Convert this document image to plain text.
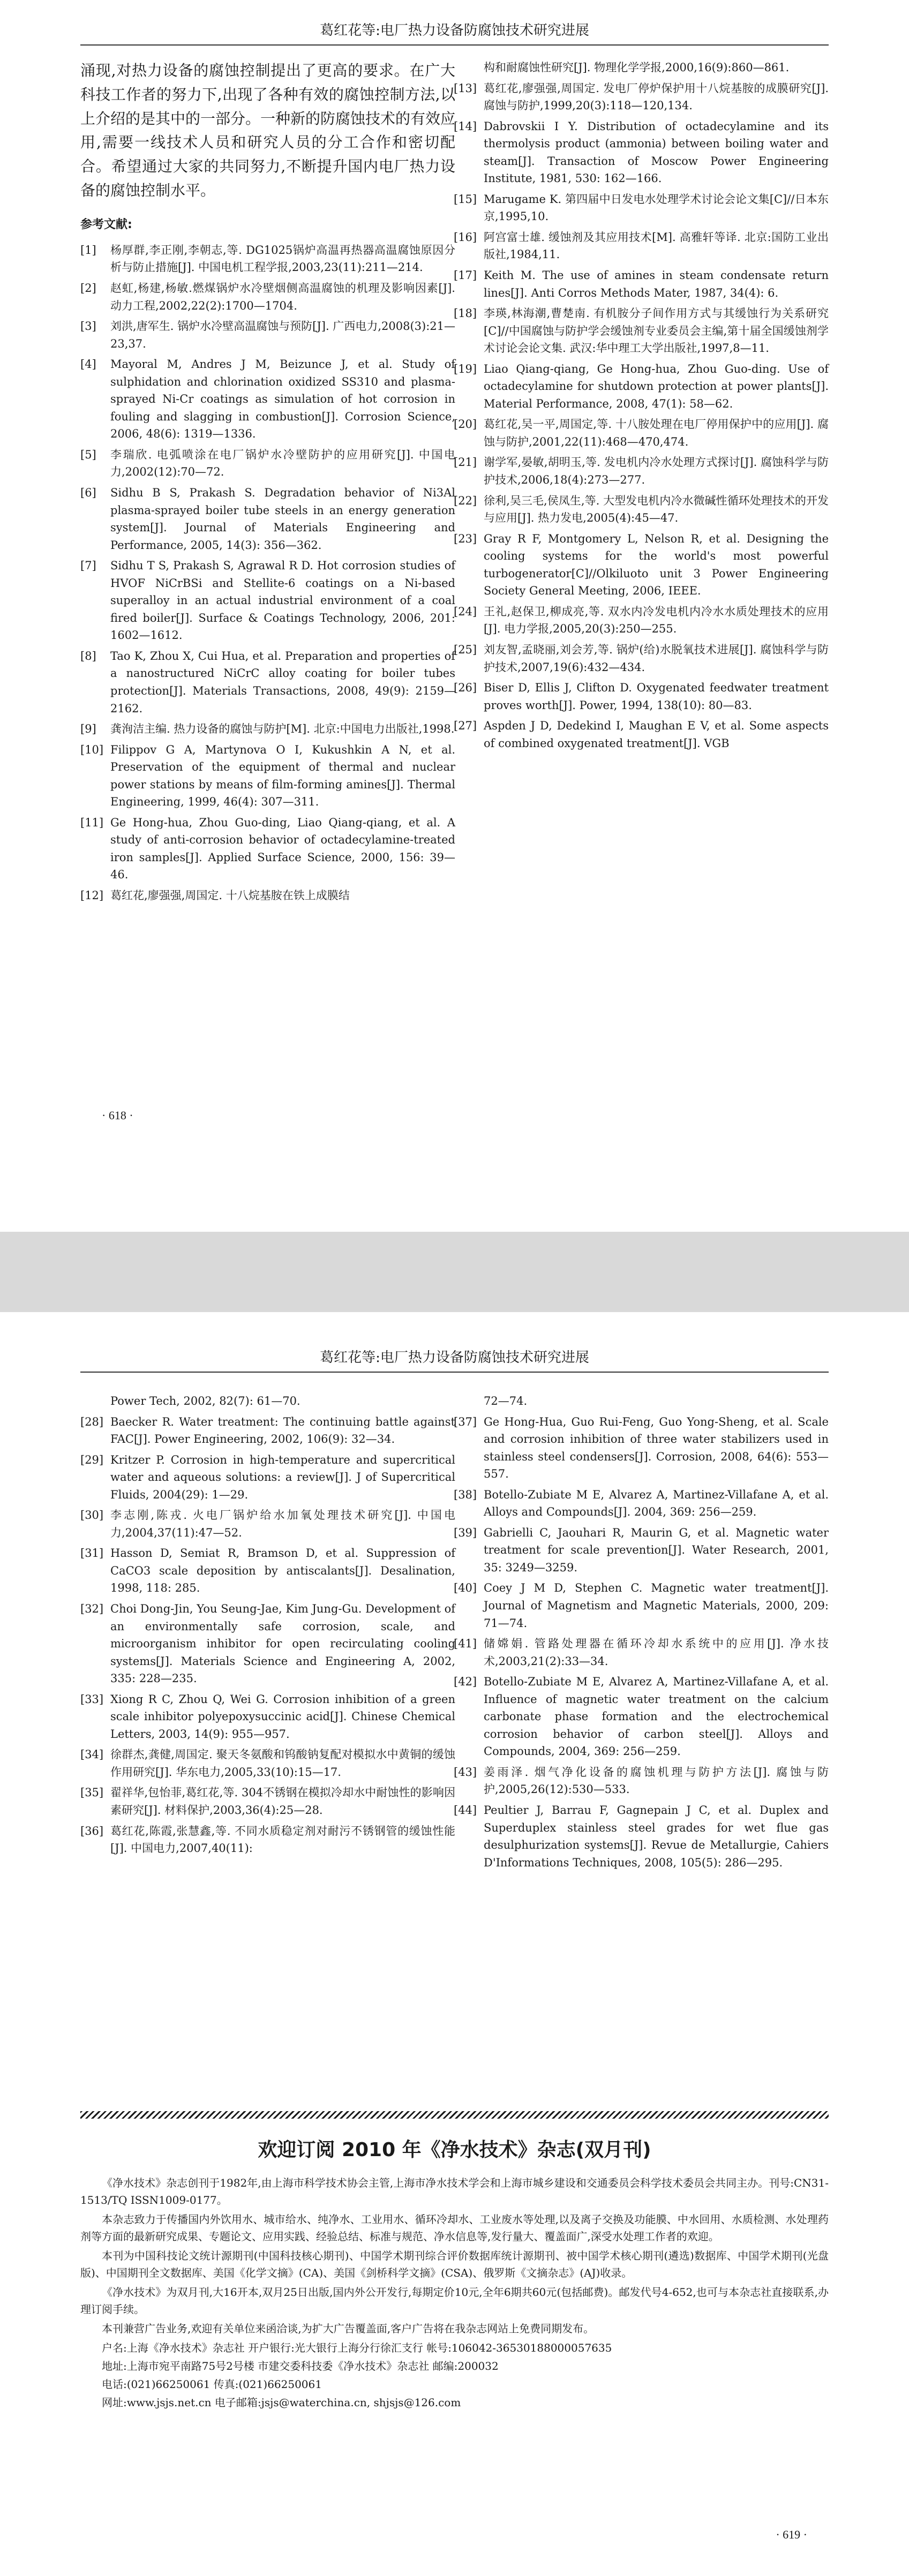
葛红花等:电厂热力设备防腐蚀技术研究进展

涌现,对热力设备的腐蚀控制提出了更高的要求。在广大科技工作者的努力下,出现了各种有效的腐蚀控制方法,以上介绍的是其中的一部分。一种新的防腐蚀技术的有效应用,需要一线技术人员和研究人员的分工合作和密切配合。希望通过大家的共同努力,不断提升国内电厂热力设备的腐蚀控制水平。

参考文献:
[1]	杨厚群,李正刚,李朝志,等. DG1025锅炉高温再热器高温腐蚀原因分析与防止措施[J]. 中国电机工程学报,2003,23(11):211—214.
[2]	赵虹,杨建,杨敏.燃煤锅炉水冷壁烟侧高温腐蚀的机理及影响因素[J]. 动力工程,2002,22(2):1700—1704.
[3]	刘洪,唐军生. 锅炉水冷壁高温腐蚀与预防[J]. 广西电力,2008(3):21—23,37.
[4]	Mayoral M, Andres J M, Beizunce J, et al. Study of sulphidation and chlorination oxidized SS310 and plasma-sprayed Ni-Cr coatings as simulation of hot corrosion in fouling and slagging in combustion[J]. Corrosion Science, 2006, 48(6): 1319—1336.
[5]	李瑞欣. 电弧喷涂在电厂锅炉水冷壁防护的应用研究[J]. 中国电力,2002(12):70—72.
[6]	Sidhu B S, Prakash S. Degradation behavior of Ni3Al plasma-sprayed boiler tube steels in an energy generation system[J]. Journal of Materials Engineering and Performance, 2005, 14(3): 356—362.
[7]	Sidhu T S, Prakash S, Agrawal R D. Hot corrosion studies of HVOF NiCrBSi and Stellite-6 coatings on a Ni-based superalloy in an actual industrial environment of a coal fired boiler[J]. Surface & Coatings Technology, 2006, 201: 1602—1612.
[8]	Tao K, Zhou X, Cui Hua, et al. Preparation and properties of a nanostructured NiCrC alloy coating for boiler tubes protection[J]. Materials Transactions, 2008, 49(9): 2159—2162.
[9]	龚洵洁主编. 热力设备的腐蚀与防护[M]. 北京:中国电力出版社,1998.
[10] Filippov G A, Martynova O I, Kukushkin A N, et al. Preservation of the equipment of thermal and nuclear power stations by means of film-forming amines[J]. Thermal Engineering, 1999, 46(4): 307—311.
[11] Ge Hong-hua, Zhou Guo-ding, Liao Qiang-qiang, et al. A study of anti-corrosion behavior of octadecylamine-treated iron samples[J]. Applied Surface Science, 2000, 156: 39—46.
[12] 葛红花,廖强强,周国定. 十八烷基胺在铁上成膜结
构和耐腐蚀性研究[J]. 物理化学学报,2000,16(9):860—861.
[13] 葛红花,廖强强,周国定. 发电厂停炉保护用十八烷基胺的成膜研究[J]. 腐蚀与防护,1999,20(3):118—120,134.
[14] Dabrovskii I Y. Distribution of octadecylamine and its thermolysis product (ammonia) between boiling water and steam[J]. Transaction of Moscow Power Engineering Institute, 1981, 530: 162—166.
[15] Marugame K. 第四届中日发电水处理学术讨论会论文集[C]//日本东京,1995,10.
[16] 阿宫富士雄. 缓蚀剂及其应用技术[M]. 高雅轩等译. 北京:国防工业出版社,1984,11.
[17] Keith M. The use of amines in steam condensate return lines[J]. Anti Corros Methods Mater, 1987, 34(4): 6.
[18] 李瑛,林海潮,曹楚南. 有机胺分子间作用方式与其缓蚀行为关系研究[C]//中国腐蚀与防护学会缓蚀剂专业委员会主编,第十届全国缓蚀剂学术讨论会论文集. 武汉:华中理工大学出版社,1997,8—11.
[19] Liao Qiang-qiang, Ge Hong-hua, Zhou Guo-ding. Use of octadecylamine for shutdown protection at power plants[J]. Material Performance, 2008, 47(1): 58—62.
[20] 葛红花,吴一平,周国定,等. 十八胺处理在电厂停用保护中的应用[J]. 腐蚀与防护,2001,22(11):468—470,474.
[21] 谢学军,晏敏,胡明玉,等. 发电机内冷水处理方式探讨[J]. 腐蚀科学与防护技术,2006,18(4):273—277.
[22] 徐利,吴三毛,侯凤生,等. 大型发电机内冷水微碱性循环处理技术的开发与应用[J]. 热力发电,2005(4):45—47.
[23] Gray R F, Montgomery L, Nelson R, et al. Designing the cooling systems for the world's most powerful turbogenerator[C]//Olkiluoto unit 3 Power Engineering Society General Meeting, 2006, IEEE.
[24] 王礼,赵保卫,柳成亮,等. 双水内冷发电机内冷水水质处理技术的应用[J]. 电力学报,2005,20(3):250—255.
[25] 刘友智,孟晓丽,刘会芳,等. 锅炉(给)水脱氧技术进展[J]. 腐蚀科学与防护技术,2007,19(6):432—434.
[26] Biser D, Ellis J, Clifton D. Oxygenated feedwater treatment proves worth[J]. Power, 1994, 138(10): 80—83.
[27] Aspden J D, Dedekind I, Maughan E V, et al. Some aspects of combined oxygenated treatment[J]. VGB
· 618 ·
葛红花等:电厂热力设备防腐蚀技术研究进展
Power Tech, 2002, 82(7): 61—70.
[28] Baecker R. Water treatment: The continuing battle against FAC[J]. Power Engineering, 2002, 106(9): 32—34.
[29] Kritzer P. Corrosion in high-temperature and supercritical water and aqueous solutions: a review[J]. J of Supercritical Fluids, 2004(29): 1—29.
[30] 李志刚,陈戎. 火电厂锅炉给水加氧处理技术研究[J]. 中国电力,2004,37(11):47—52.
[31] Hasson D, Semiat R, Bramson D, et al. Suppression of CaCO3 scale deposition by antiscalants[J]. Desalination, 1998, 118: 285.
[32] Choi Dong-Jin, You Seung-Jae, Kim Jung-Gu. Development of an environmentally safe corrosion, scale, and microorganism inhibitor for open recirculating cooling systems[J]. Materials Science and Engineering A, 2002, 335: 228—235.
[33] Xiong R C, Zhou Q, Wei G. Corrosion inhibition of a green scale inhibitor polyepoxysuccinic acid[J]. Chinese Chemical Letters, 2003, 14(9): 955—957.
[34] 徐群杰,龚健,周国定. 聚天冬氨酸和钨酸钠复配对模拟水中黄铜的缓蚀作用研究[J]. 华东电力,2005,33(10):15—17.
[35] 翟祥华,包怡菲,葛红花,等. 304不锈钢在模拟冷却水中耐蚀性的影响因素研究[J]. 材料保护,2003,36(4):25—28.
[36] 葛红花,陈霞,张慧鑫,等. 不同水质稳定剂对耐污不锈钢管的缓蚀性能[J]. 中国电力,2007,40(11):
72—74.
[37] Ge Hong-Hua, Guo Rui-Feng, Guo Yong-Sheng, et al. Scale and corrosion inhibition of three water stabilizers used in stainless steel condensers[J]. Corrosion, 2008, 64(6): 553—557.
[38] Botello-Zubiate M E, Alvarez A, Martinez-Villafane A, et al. Alloys and Compounds[J]. 2004, 369: 256—259.
[39] Gabrielli C, Jaouhari R, Maurin G, et al. Magnetic water treatment for scale prevention[J]. Water Research, 2001, 35: 3249—3259.
[40] Coey J M D, Stephen C. Magnetic water treatment[J]. Journal of Magnetism and Magnetic Materials, 2000, 209: 71—74.
[41] 储嫦娟. 管路处理器在循环冷却水系统中的应用[J]. 净水技术,2003,21(2):33—34.
[42] Botello-Zubiate M E, Alvarez A, Martinez-Villafane A, et al. Influence of magnetic water treatment on the calcium carbonate phase formation and the electrochemical corrosion behavior of carbon steel[J]. Alloys and Compounds, 2004, 369: 256—259.
[43] 姜雨泽. 烟气净化设备的腐蚀机理与防护方法[J]. 腐蚀与防护,2005,26(12):530—533.
[44] Peultier J, Barrau F, Gagnepain J C, et al. Duplex and Superduplex stainless steel grades for wet flue gas desulphurization systems[J]. Revue de Metallurgie, Cahiers D'Informations Techniques, 2008, 105(5): 286—295.
欢迎订阅 2010 年《净水技术》杂志(双月刊)

《净水技术》杂志创刊于1982年,由上海市科学技术协会主管,上海市净水技术学会和上海市城乡建设和交通委员会科学技术委员会共同主办。刊号:CN31-1513/TQ ISSN1009-0177。

本杂志致力于传播国内外饮用水、城市给水、纯净水、工业用水、循环冷却水、工业废水等处理,以及离子交换及功能膜、中水回用、水质检测、水处理药剂等方面的最新研究成果、专题论文、应用实践、经验总结、标准与规范、净水信息等,发行量大、覆盖面广,深受水处理工作者的欢迎。

本刊为中国科技论文统计源期刊(中国科技核心期刊)、中国学术期刊综合评价数据库统计源期刊、被中国学术核心期刊(遴选)数据库、中国学术期刊(光盘版)、中国期刊全文数据库、美国《化学文摘》(CA)、美国《剑桥科学文摘》(CSA)、俄罗斯《文摘杂志》(AJ)收录。

《净水技术》为双月刊,大16开本,双月25日出版,国内外公开发行,每期定价10元,全年6期共60元(包括邮费)。邮发代号4-652,也可与本杂志社直接联系,办理订阅手续。

本刊兼营广告业务,欢迎有关单位来函洽谈,为扩大广告覆盖面,客户广告将在我杂志网站上免费同期发布。

户名:上海《净水技术》杂志社 开户银行:光大银行上海分行徐汇支行 帐号:106042-36530188000057635

地址:上海市宛平南路75号2号楼 市建交委科技委《净水技术》杂志社 邮编:200032

电话:(021)66250061 传真:(021)66250061

网址:www.jsjs.net.cn 电子邮箱:jsjs@waterchina.cn, shjsjs@126.com

· 619 ·
